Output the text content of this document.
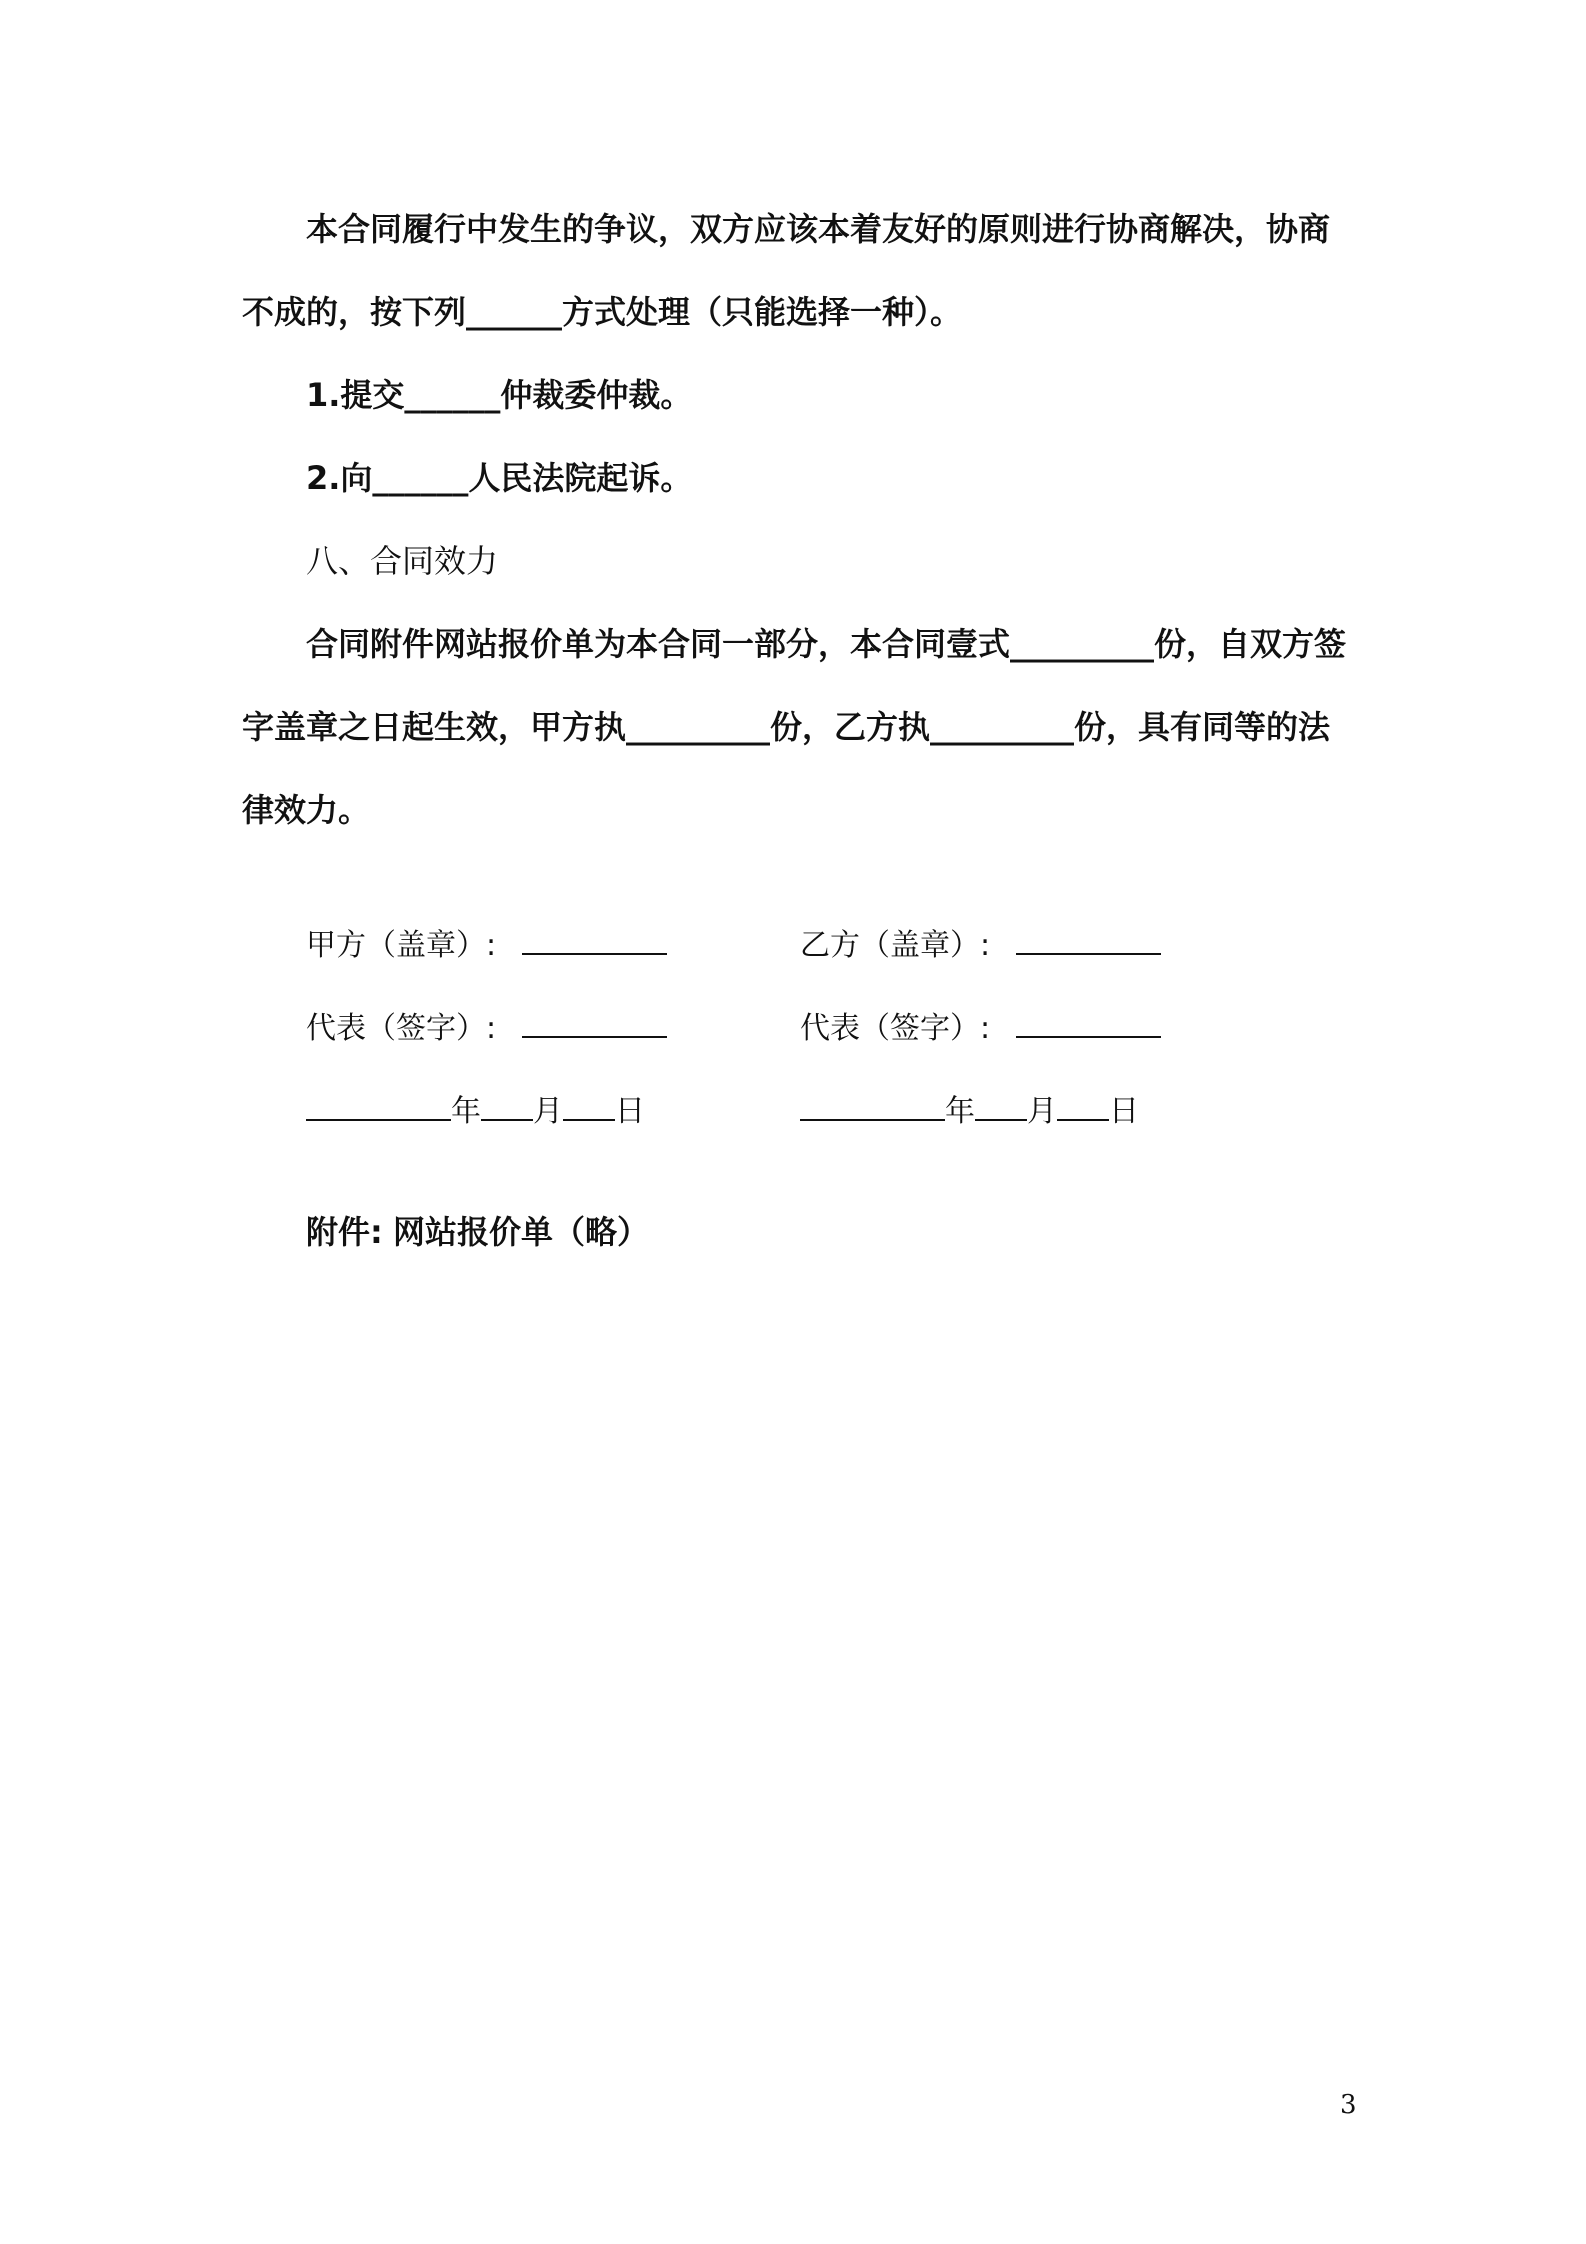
本合同履行中发生的争议，双方应该本着友好的原则进行协商解决，协商不成的，按下列______方式处理（只能选择一种）。

1.提交______仲裁委仲裁。

2.向______人民法院起诉。

八、合同效力

合同附件网站报价单为本合同一部分，本合同壹式_________份，自双方签字盖章之日起生效，甲方执_________份，乙方执_________份，具有同等的法律效力。

甲方（盖章）:	乙方（盖章）:
代表（签字）:	代表（签字）:
年 月 日	年 月 日
附件: 网站报价单（略）
3
